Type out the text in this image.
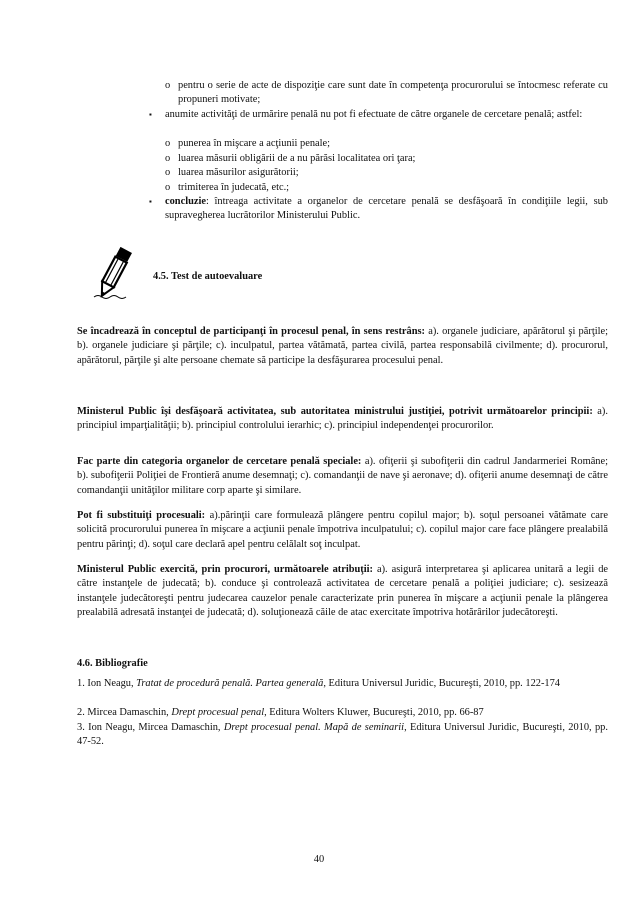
o pentru o serie de acte de dispoziţie care sunt date în competenţa procurorului se întocmesc referate cu propuneri motivate;
▪ anumite activităţi de urmărire penală nu pot fi efectuate de către organele de cercetare penală; astfel:
o punerea în mişcare a acţiunii penale;
o luarea măsurii obligării de a nu părăsi localitatea ori ţara;
o luarea măsurilor asigurătorii;
o trimiterea în judecată, etc.;
▪ concluzie: întreaga activitate a organelor de cercetare penală se desfăşoară în condiţiile legii, sub supravegherea lucrătorilor Ministerului Public.
4.5. Test de autoevaluare

Se încadrează în conceptul de participanţi în procesul penal, în sens restrâns: a). organele judiciare, apărătorul şi părţile; b). organele judiciare şi părţile; c). inculpatul, partea vătămată, partea civilă, partea responsabilă civilmente; d). procurorul, apărătorul, părţile şi alte persoane chemate să participe la desfăşurarea procesului penal.

Ministerul Public îşi desfăşoară activitatea, sub autoritatea ministrului justiţiei, potrivit următoarelor principii: a). principiul imparţialităţii; b). principiul controlului ierarhic; c). principiul independenţei procurorilor.

Fac parte din categoria organelor de cercetare penală speciale: a). ofiţerii şi subofiţerii din cadrul Jandarmeriei Române; b). subofiţerii Poliţiei de Frontieră anume desemnaţi; c). comandanţii de nave şi aeronave; d). ofiţerii anume desemnaţi de către comandanţii unităţilor militare corp aparte şi similare.

Pot fi substituiţi procesuali: a).părinţii care formulează plângere pentru copilul major; b). soţul persoanei vătămate care solicită procurorului punerea în mişcare a acţiunii penale împotriva inculpatului; c). copilul major care face plângere prealabilă pentru părinţi; d). soţul care declară apel pentru celălalt soţ inculpat.

Ministerul Public exercită, prin procurori, următoarele atribuţii: a). asigură interpretarea şi aplicarea unitară a legii de către instanţele de judecată; b). conduce şi controlează activitatea de cercetare penală a poliţiei judiciare; c). sesizează instanţele judecătoreşti pentru judecarea cauzelor penale caracterizate prin punerea în mişcare a acţiunii penale la plângerea prealabilă adresată instanţei de judecată; d). soluţionează căile de atac exercitate împotriva hotărârilor judecătoreşti.

4.6. Bibliografie

1. Ion Neagu, Tratat de procedură penală. Partea generală, Editura Universul Juridic, Bucureşti, 2010, pp. 122-174

2. Mircea Damaschin, Drept procesual penal, Editura Wolters Kluwer, Bucureşti, 2010, pp. 66-87

3. Ion Neagu, Mircea Damaschin, Drept procesual penal. Mapă de seminarii, Editura Universul Juridic, Bucureşti, 2010, pp. 47-52.

40
